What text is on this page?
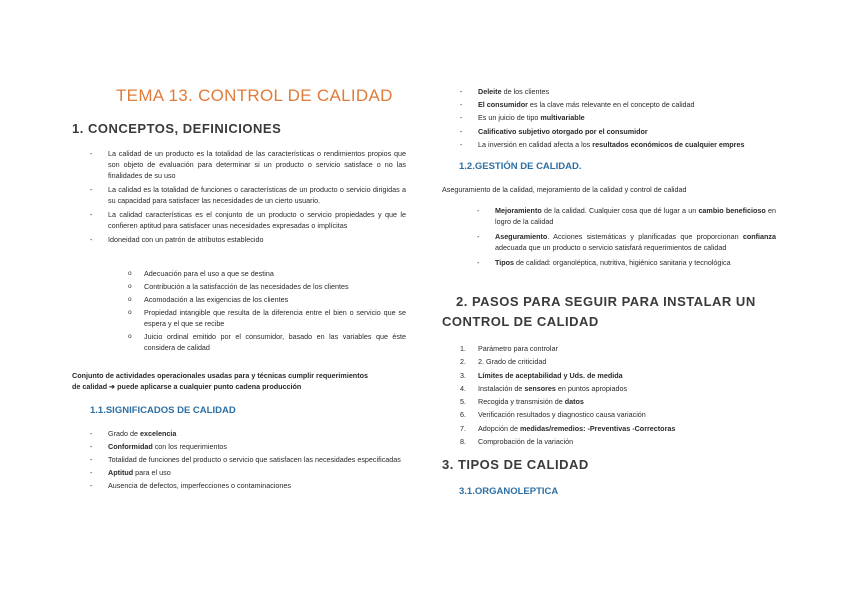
TEMA 13. CONTROL DE CALIDAD
1. CONCEPTOS, DEFINICIONES
- La calidad de un producto es la totalidad de las características o rendimientos propios que son objeto de evaluación para determinar si un producto o servicio satisface o no las finalidades de su uso
- La calidad es la totalidad de funciones o características de un producto o servicio dirigidas a su capacidad para satisfacer las necesidades de un cierto usuario.
- La calidad características es el conjunto de un producto o servicio propiedades y que le confieren aptitud para satisfacer unas necesidades expresadas o implícitas
- Idoneidad con un patrón de atributos establecido
o Adecuación para el uso a que se destina
o Contribución a la satisfacción de las necesidades de los clientes
o Acomodación a las exigencias de los clientes
o Propiedad intangible que resulta de la diferencia entre el bien o servicio que se espera y el que se recibe
o Juicio ordinal emitido por el consumidor, basado en las variables que éste considera de calidad
Conjunto de actividades operacionales usadas para y técnicas cumplir requerimientos
de calidad ➔ puede aplicarse a cualquier punto cadena producción
1.1.SIGNIFICADOS DE CALIDAD
- Grado de excelencia
- Conformidad con los requerimientos
- Totalidad de funciones del producto o servicio que satisfacen las necesidades especificadas
- Aptitud para el uso
- Ausencia de defectos, imperfecciones o contaminaciones
- Deleite de los clientes
- El consumidor es la clave más relevante en el concepto de calidad
- Es un juicio de tipo multivariable
- Calificativo subjetivo otorgado por el consumidor
- La inversión en calidad afecta a los resultados económicos de cualquier empres
1.2.GESTIÓN DE CALIDAD.
Aseguramiento de la calidad, mejoramiento de la calidad y control de calidad
- Mejoramiento de la calidad. Cualquier cosa que dé lugar a un cambio beneficioso en logro de la calidad
- Aseguramiento. Acciones sistemáticas y planificadas que proporcionan confianza adecuada que un producto o servicio satisfará requerimientos de calidad
- Tipos de calidad: organoléptica, nutritiva, higiénico sanitaria y tecnológica
2. PASOS PARA SEGUIR PARA INSTALAR UN CONTROL DE CALIDAD
1. Parámetro para controlar
2. 2. Grado de criticidad
3. Límites de aceptabilidad y Uds. de medida
4. Instalación de sensores en puntos apropiados
5. Recogida y transmisión de datos
6. Verificación resultados y diagnostico causa variación
7. Adopción de medidas/remedios: -Preventivas -Correctoras
8. Comprobación de la variación
3. TIPOS DE CALIDAD
3.1.ORGANOLEPTICA
